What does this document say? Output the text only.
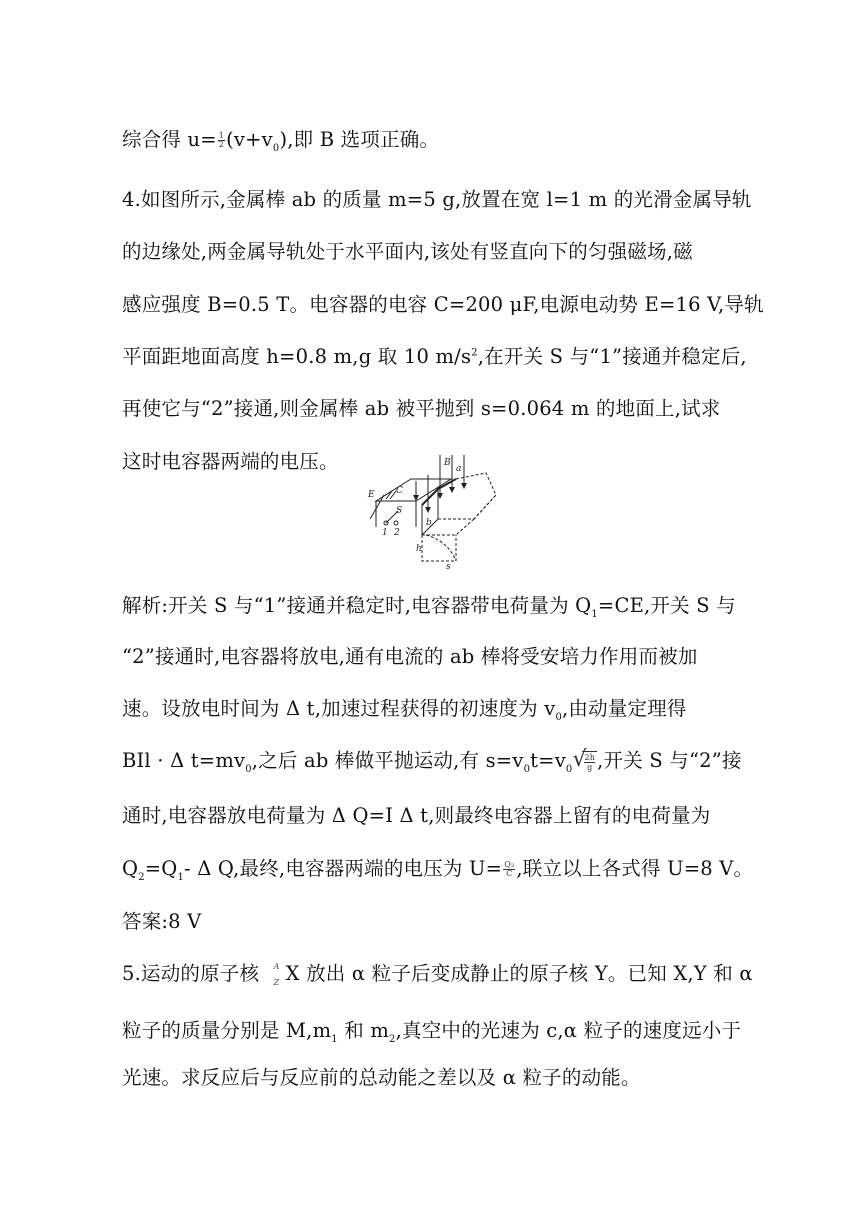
综合得 $u= \frac{1}{2} (v+v_0)$,即 B 选项正确。
4.如图所示,金属棒 ab 的质量 m=5 g,放置在宽 l=1 m 的光滑金属导轨
的边缘处,两金属导轨处于水平面内,该处有竖直向下的匀强磁场,磁
感应强度 B=0.5 T。电容器的电容 C=200 μF,电源电动势 E=16 V,导轨
平面距地面高度 h=0.8 m,g 取 10 $m/s^2$,在开关 S 与“1”接通并稳定后,
再使它与“2”接通,则金属棒 ab 被平抛到 s=0.064 m 的地面上,试求
这时电容器两端的电压。
E C
S
1 2
B
a
b
h
s
解析:开关 S 与“1”接通并稳定时,电容器带电荷量为 $Q_1=CE$,开关 S 与
“2”接通时,电容器将放电,通有电流的 ab 棒将受安培力作用而被加
速。设放电时间为 Δ t,加速过程获得的初速度为 $v_0$,由动量定理得
BIl · Δ $t=mv_0$,之后 ab 棒做平抛运动,有 $s=v_0t=v_0$ √
$\frac{2h}{g}$ ,开关 S 与“2”接
通时,电容器放电荷量为 Δ Q=I Δ t,则最终电容器上留有的电荷量为
$Q_2=Q_1-$ Δ Q,最终,电容器两端的电压为 $U= \frac{\text{Q₂}}{C}$ ,联立以上各式得 U=8 V。
答案:8 V
5.运动的原子核 A
Z X 放出 α 粒子后变成静止的原子核 Y。已知 X,Y 和 α
粒子的质量分别是 $M,m_1$ 和 $m_2$,真空中的光速为 c,α 粒子的速度远小于
光速。求反应后与反应前的总动能之差以及 α 粒子的动能。
